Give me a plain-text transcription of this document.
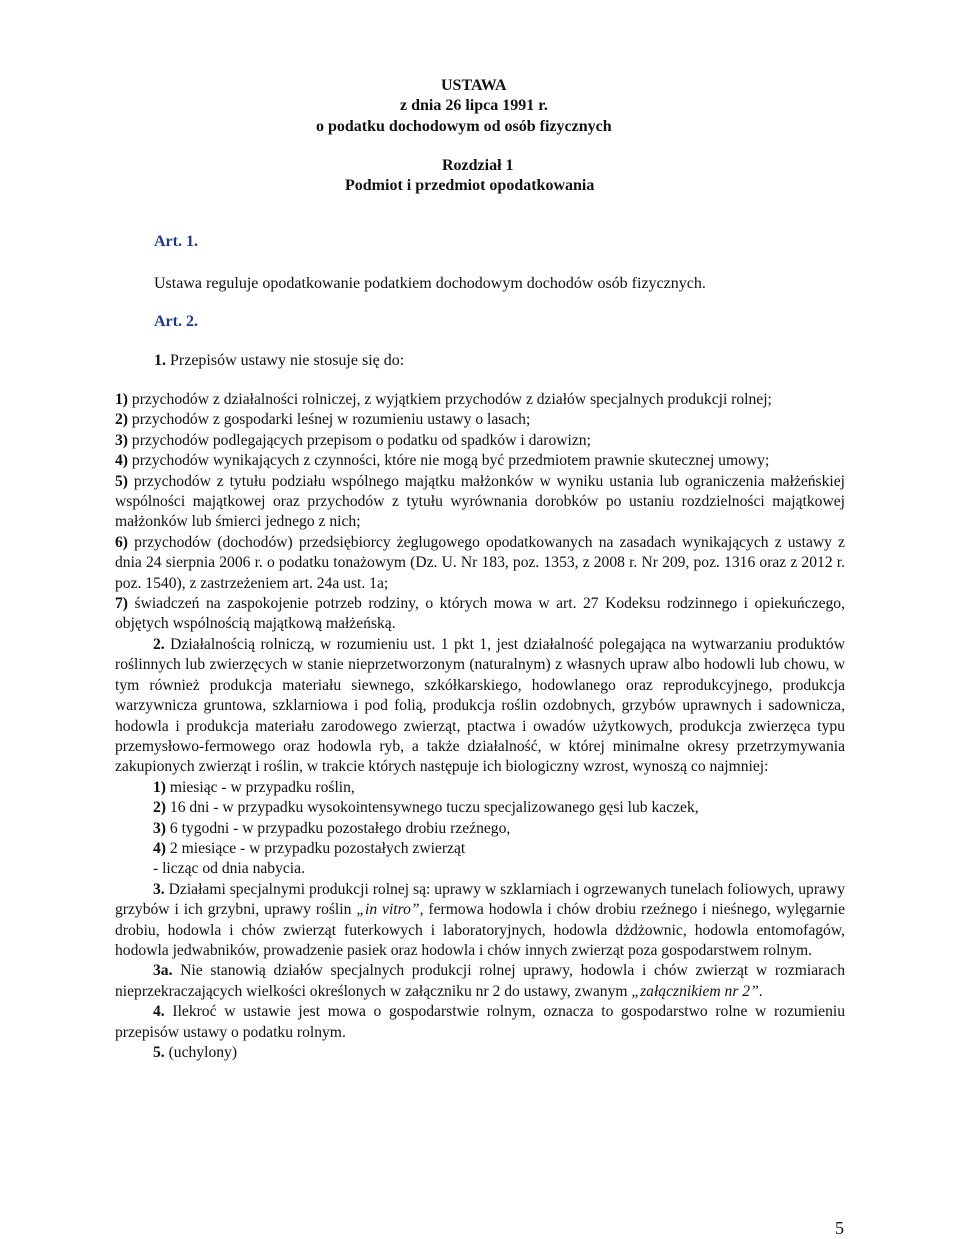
USTAWA
z dnia 26 lipca 1991 r.
o podatku dochodowym od osób fizycznych
Rozdział 1
Podmiot i przedmiot opodatkowania
Art. 1.
Ustawa reguluje opodatkowanie podatkiem dochodowym dochodów osób fizycznych.
Art. 2.
1. Przepisów ustawy nie stosuje się do:

1) przychodów z działalności rolniczej, z wyjątkiem przychodów z działów specjalnych produkcji rolnej;

2) przychodów z gospodarki leśnej w rozumieniu ustawy o lasach;

3) przychodów podlegających przepisom o podatku od spadków i darowizn;

4) przychodów wynikających z czynności, które nie mogą być przedmiotem prawnie skutecznej umowy;

5) przychodów z tytułu podziału wspólnego majątku małżonków w wyniku ustania lub ograniczenia małżeńskiej wspólności majątkowej oraz przychodów z tytułu wyrównania dorobków po ustaniu rozdzielności majątkowej małżonków lub śmierci jednego z nich;

6) przychodów (dochodów) przedsiębiorcy żeglugowego opodatkowanych na zasadach wynikających z ustawy z dnia 24 sierpnia 2006 r. o podatku tonażowym (Dz. U. Nr 183, poz. 1353, z 2008 r. Nr 209, poz. 1316 oraz z 2012 r. poz. 1540), z zastrzeżeniem art. 24a ust. 1a;

7) świadczeń na zaspokojenie potrzeb rodziny, o których mowa w art. 27 Kodeksu rodzinnego i opiekuńczego, objętych wspólnością majątkową małżeńską.

2. Działalnością rolniczą, w rozumieniu ust. 1 pkt 1, jest działalność polegająca na wytwarzaniu produktów roślinnych lub zwierzęcych w stanie nieprzetworzonym (naturalnym) z własnych upraw albo hodowli lub chowu, w tym również produkcja materiału siewnego, szkółkarskiego, hodowlanego oraz reprodukcyjnego, produkcja warzywnicza gruntowa, szklarniowa i pod folią, produkcja roślin ozdobnych, grzybów uprawnych i sadownicza, hodowla i produkcja materiału zarodowego zwierząt, ptactwa i owadów użytkowych, produkcja zwierzęca typu przemysłowo-fermowego oraz hodowla ryb, a także działalność, w której minimalne okresy przetrzymywania zakupionych zwierząt i roślin, w trakcie których następuje ich biologiczny wzrost, wynoszą co najmniej:

1) miesiąc - w przypadku roślin,

2) 16 dni - w przypadku wysokointensywnego tuczu specjalizowanego gęsi lub kaczek,

3) 6 tygodni - w przypadku pozostałego drobiu rzeźnego,

4) 2 miesiące - w przypadku pozostałych zwierząt

- licząc od dnia nabycia.

3. Działami specjalnymi produkcji rolnej są: uprawy w szklarniach i ogrzewanych tunelach foliowych, uprawy grzybów i ich grzybni, uprawy roślin „in vitro”, fermowa hodowla i chów drobiu rzeźnego i nieśnego, wylęgarnie drobiu, hodowla i chów zwierząt futerkowych i laboratoryjnych, hodowla dżdżownic, hodowla entomofagów, hodowla jedwabników, prowadzenie pasiek oraz hodowla i chów innych zwierząt poza gospodarstwem rolnym.

3a. Nie stanowią działów specjalnych produkcji rolnej uprawy, hodowla i chów zwierząt w rozmiarach nieprzekraczających wielkości określonych w załączniku nr 2 do ustawy, zwanym „załącznikiem nr 2”.

4. Ilekroć w ustawie jest mowa o gospodarstwie rolnym, oznacza to gospodarstwo rolne w rozumieniu przepisów ustawy o podatku rolnym.

5. (uchylony)

5
